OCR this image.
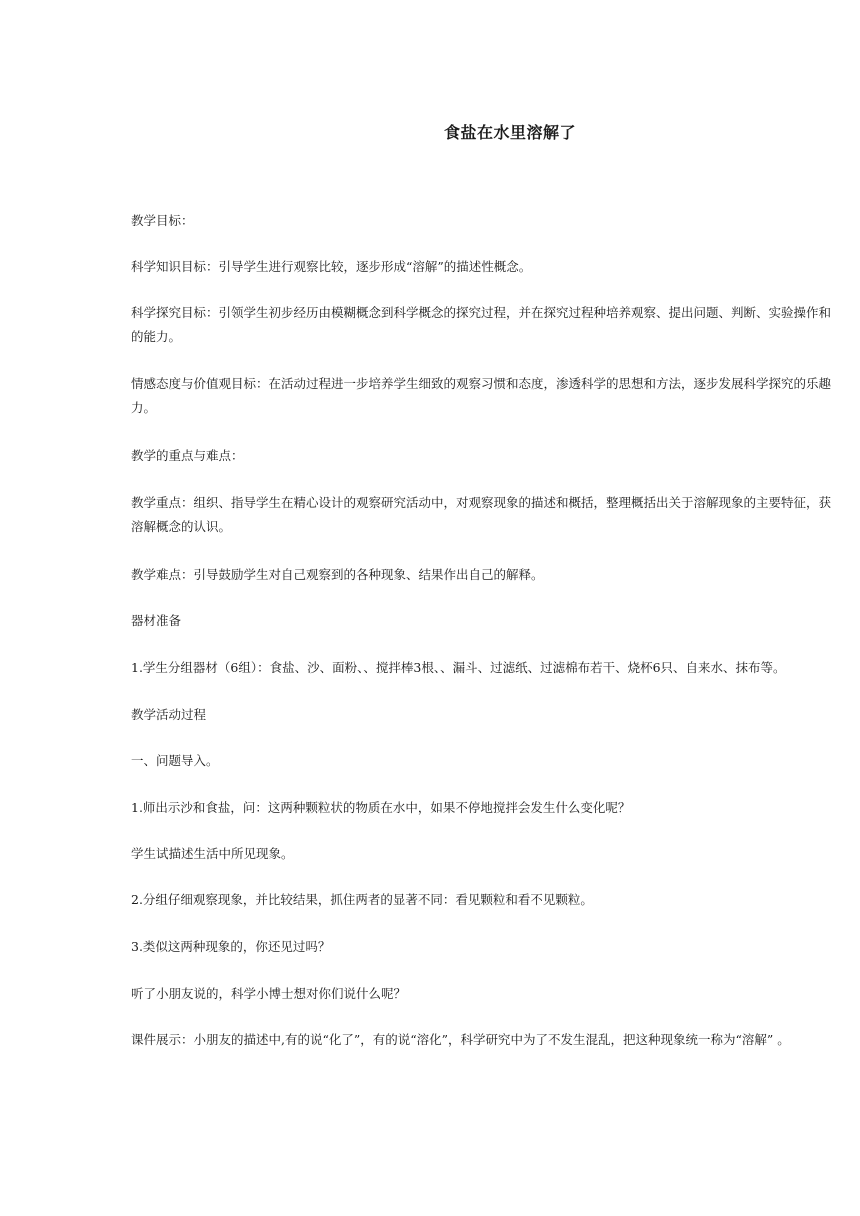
食盐在水里溶解了
教学目标：
科学知识目标：引导学生进行观察比较，逐步形成“溶解”的描述性概念。
科学探究目标：引领学生初步经历由模糊概念到科学概念的探究过程，并在探究过程种培养观察、提出问题、判断、实验操作和
的能力。
情感态度与价值观目标：在活动过程进一步培养学生细致的观察习惯和态度，渗透科学的思想和方法，逐步发展科学探究的乐趣
力。
教学的重点与难点：
教学重点：组织、指导学生在精心设计的观察研究活动中，对观察现象的描述和概括，整理概括出关于溶解现象的主要特征，获
溶解概念的认识。
教学难点：引导鼓励学生对自己观察到的各种现象、结果作出自己的解释。
器材准备
1.学生分组器材（6组）：食盐、沙、面粉、、搅拌棒3根、、漏斗、过滤纸、过滤棉布若干、烧杯6只、自来水、抹布等。
教学活动过程
一、问题导入。
1.师出示沙和食盐，问：这两种颗粒状的物质在水中，如果不停地搅拌会发生什么变化呢？
学生试描述生活中所见现象。
2.分组仔细观察现象，并比较结果，抓住两者的显著不同：看见颗粒和看不见颗粒。
3.类似这两种现象的，你还见过吗？
听了小朋友说的，科学小博士想对你们说什么呢？
课件展示：小朋友的描述中,有的说“化了”，有的说“溶化”，科学研究中为了不发生混乱，把这种现象统一称为“溶解” 。
